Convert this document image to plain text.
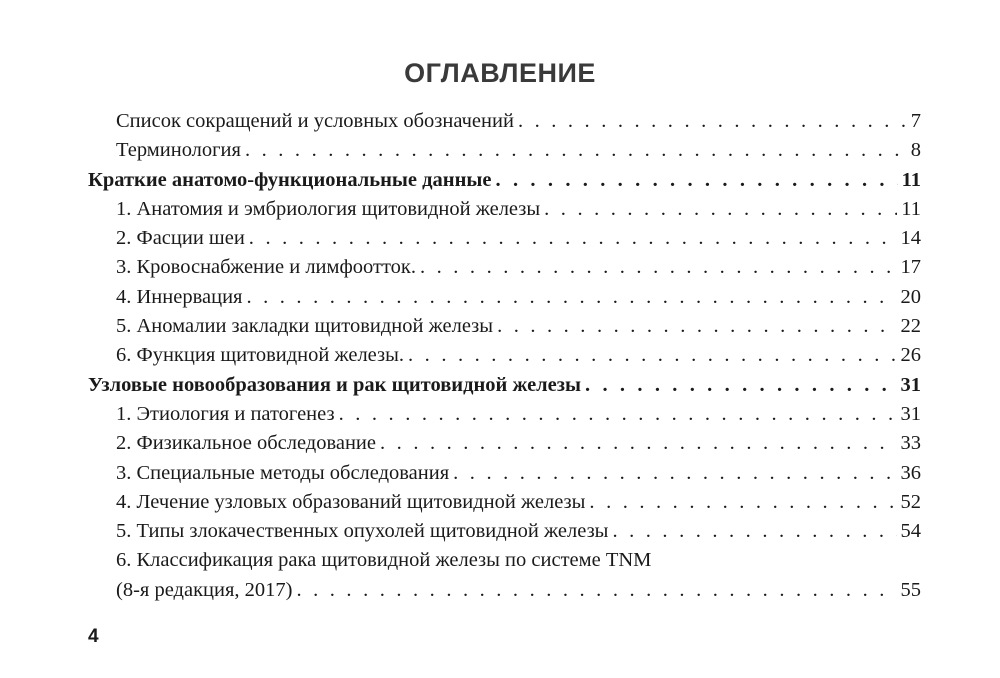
ОГЛАВЛЕНИЕ
Список сокращений и условных обозначений . . .	7
Терминология . . .	8
Краткие анатомо-функциональные данные . . .	11
1. Анатомия и эмбриология щитовидной железы . . .	11
2. Фасции шеи . . .	14
3. Кровоснабжение и лимфоотток. . . .	17
4. Иннервация . . .	20
5. Аномалии закладки щитовидной железы . . .	22
6. Функция щитовидной железы. . . .	26
Узловые новообразования и рак щитовидной железы . . .	31
1. Этиология и патогенез . . .	31
2. Физикальное обследование . . .	33
3. Специальные методы обследования . . .	36
4. Лечение узловых образований щитовидной железы . . .	52
5. Типы злокачественных опухолей щитовидной железы . . .	54
6. Классификация рака щитовидной железы по системе TNM
(8-я редакция, 2017) . . .	55
4
